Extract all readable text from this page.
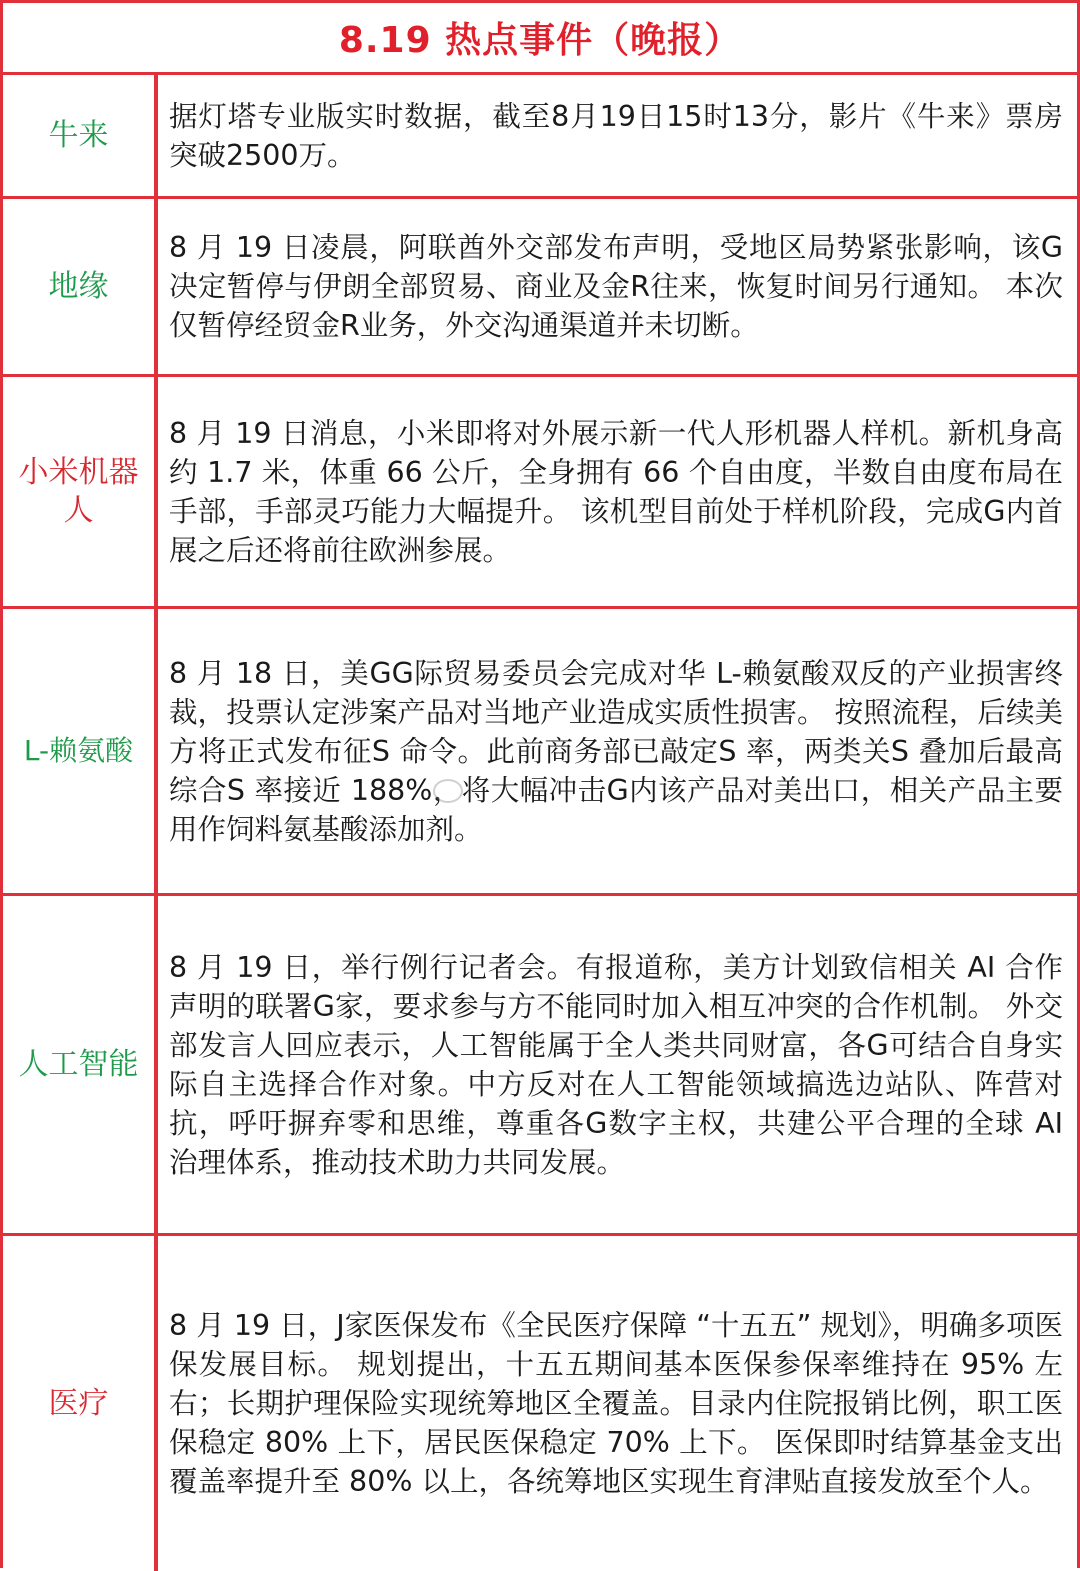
8.19 热点事件（晚报）
牛来
据灯塔专业版实时数据，截至8月19日15时13分，影片《牛来》票房突破2500万。
地缘
8 月 19 日凌晨，阿联酋外交部发布声明，受地区局势紧张影响，该G决定暂停与伊朗全部贸易、商业及金R往来，恢复时间另行通知。 本次仅暂停经贸金R业务，外交沟通渠道并未切断。
小米机器人
8 月 19 日消息，小米即将对外展示新一代人形机器人样机。新机身高约 1.7 米，体重 66 公斤，全身拥有 66 个自由度，半数自由度布局在手部，手部灵巧能力大幅提升。 该机型目前处于样机阶段，完成G内首展之后还将前往欧洲参展。
L-赖氨酸
8 月 18 日，美GG际贸易委员会完成对华 L-赖氨酸双反的产业损害终裁，投票认定涉案产品对当地产业造成实质性损害。 按照流程，后续美方将正式发布征S 命令。此前商务部已敲定S 率，两类关S 叠加后最高综合S 率接近 188%，将大幅冲击G内该产品对美出口，相关产品主要用作饲料氨基酸添加剂。
人工智能
8 月 19 日，举行例行记者会。有报道称，美方计划致信相关 AI 合作声明的联署G家，要求参与方不能同时加入相互冲突的合作机制。 外交部发言人回应表示，人工智能属于全人类共同财富，各G可结合自身实际自主选择合作对象。中方反对在人工智能领域搞选边站队、阵营对抗，呼吁摒弃零和思维，尊重各G数字主权，共建公平合理的全球 AI 治理体系，推动技术助力共同发展。
医疗
8 月 19 日，J家医保发布《全民医疗保障 “十五五” 规划》，明确多项医保发展目标。 规划提出，十五五期间基本医保参保率维持在 95% 左右；长期护理保险实现统筹地区全覆盖。目录内住院报销比例，职工医保稳定 80% 上下，居民医保稳定 70% 上下。 医保即时结算基金支出覆盖率提升至 80% 以上，各统筹地区实现生育津贴直接发放至个人。
